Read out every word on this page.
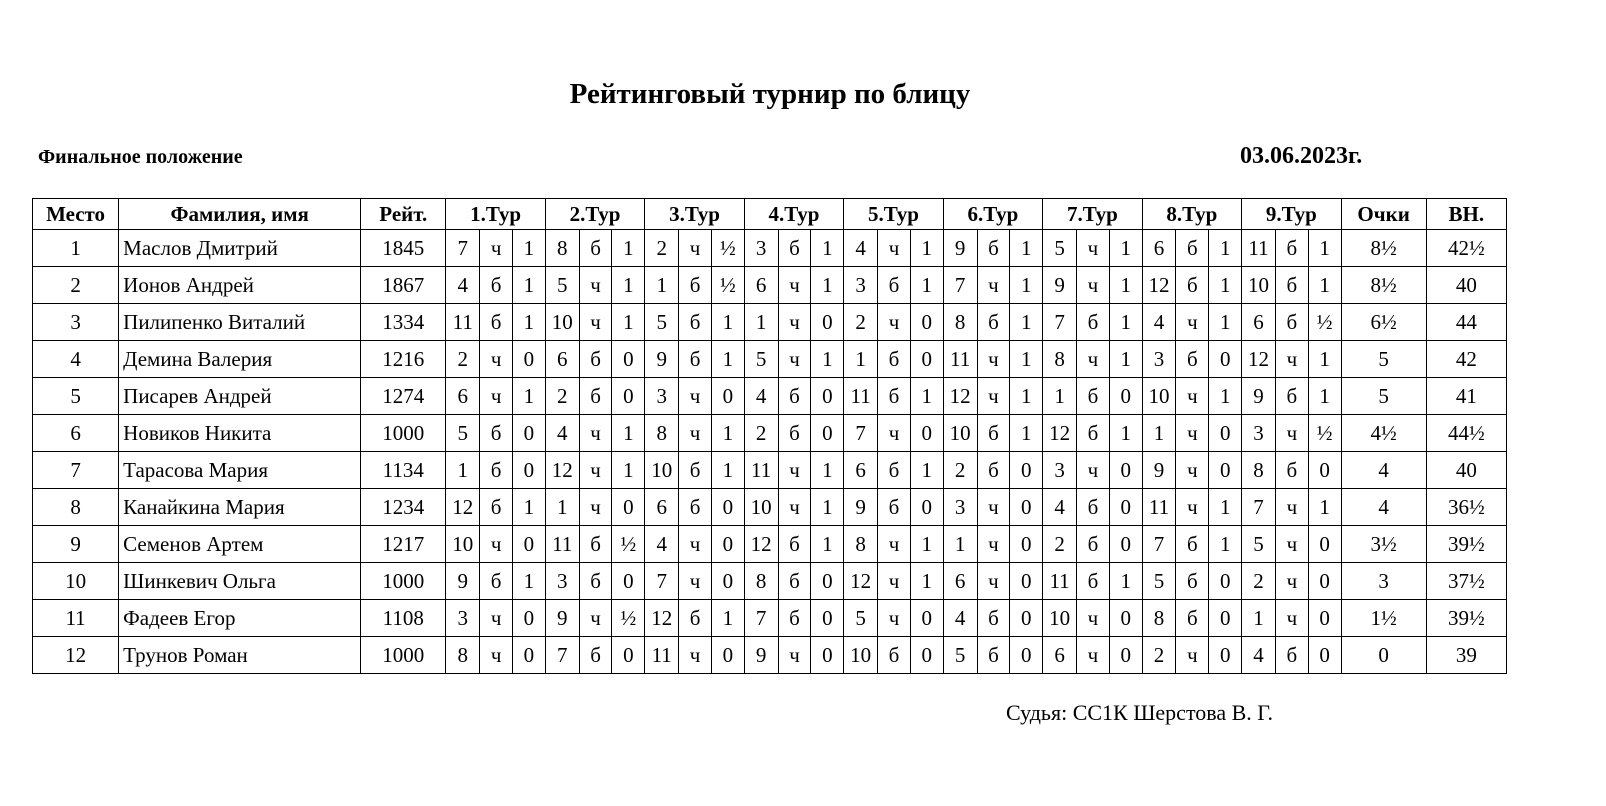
Рейтинговый турнир по блицу
Финальное положение	03.06.2023г.
Место	Фамилия, имя	Рейт.	1.Тур			2.Тур			3.Тур			4.Тур			5.Тур			6.Тур			7.Тур			8.Тур			9.Тур			Очки	ВН.
1	Маслов Дмитрий	1845	7	ч	1	8	б	1	2	ч	½	3	б	1	4	ч	1	9	б	1	5	ч	1	6	б	1	11	б	1	8½	42½
2	Ионов Андрей	1867	4	б	1	5	ч	1	1	б	½	6	ч	1	3	б	1	7	ч	1	9	ч	1	12	б	1	10	б	1	8½	40
3	Пилипенко Виталий	1334	11	б	1	10	ч	1	5	б	1	1	ч	0	2	ч	0	8	б	1	7	б	1	4	ч	1	6	б	½	6½	44
4	Демина Валерия	1216	2	ч	0	6	б	0	9	б	1	5	ч	1	1	б	0	11	ч	1	8	ч	1	3	б	0	12	ч	1	5	42
5	Писарев Андрей	1274	6	ч	1	2	б	0	3	ч	0	4	б	0	11	б	1	12	ч	1	1	б	0	10	ч	1	9	б	1	5	41
6	Новиков Никита	1000	5	б	0	4	ч	1	8	ч	1	2	б	0	7	ч	0	10	б	1	12	б	1	1	ч	0	3	ч	½	4½	44½
7	Тарасова Мария	1134	1	б	0	12	ч	1	10	б	1	11	ч	1	6	б	1	2	б	0	3	ч	0	9	ч	0	8	б	0	4	40
8	Канайкина Мария	1234	12	б	1	1	ч	0	6	б	0	10	ч	1	9	б	0	3	ч	0	4	б	0	11	ч	1	7	ч	1	4	36½
9	Семенов Артем	1217	10	ч	0	11	б	½	4	ч	0	12	б	1	8	ч	1	1	ч	0	2	б	0	7	б	1	5	ч	0	3½	39½
10	Шинкевич Ольга	1000	9	б	1	3	б	0	7	ч	0	8	б	0	12	ч	1	6	ч	0	11	б	1	5	б	0	2	ч	0	3	37½
11	Фадеев Егор	1108	3	ч	0	9	ч	½	12	б	1	7	б	0	5	ч	0	4	б	0	10	ч	0	8	б	0	1	ч	0	1½	39½
12	Трунов Роман	1000	8	ч	0	7	б	0	11	ч	0	9	ч	0	10	б	0	5	б	0	6	ч	0	2	ч	0	4	б	0	0	39
Судья: СС1К Шерстова В. Г.
